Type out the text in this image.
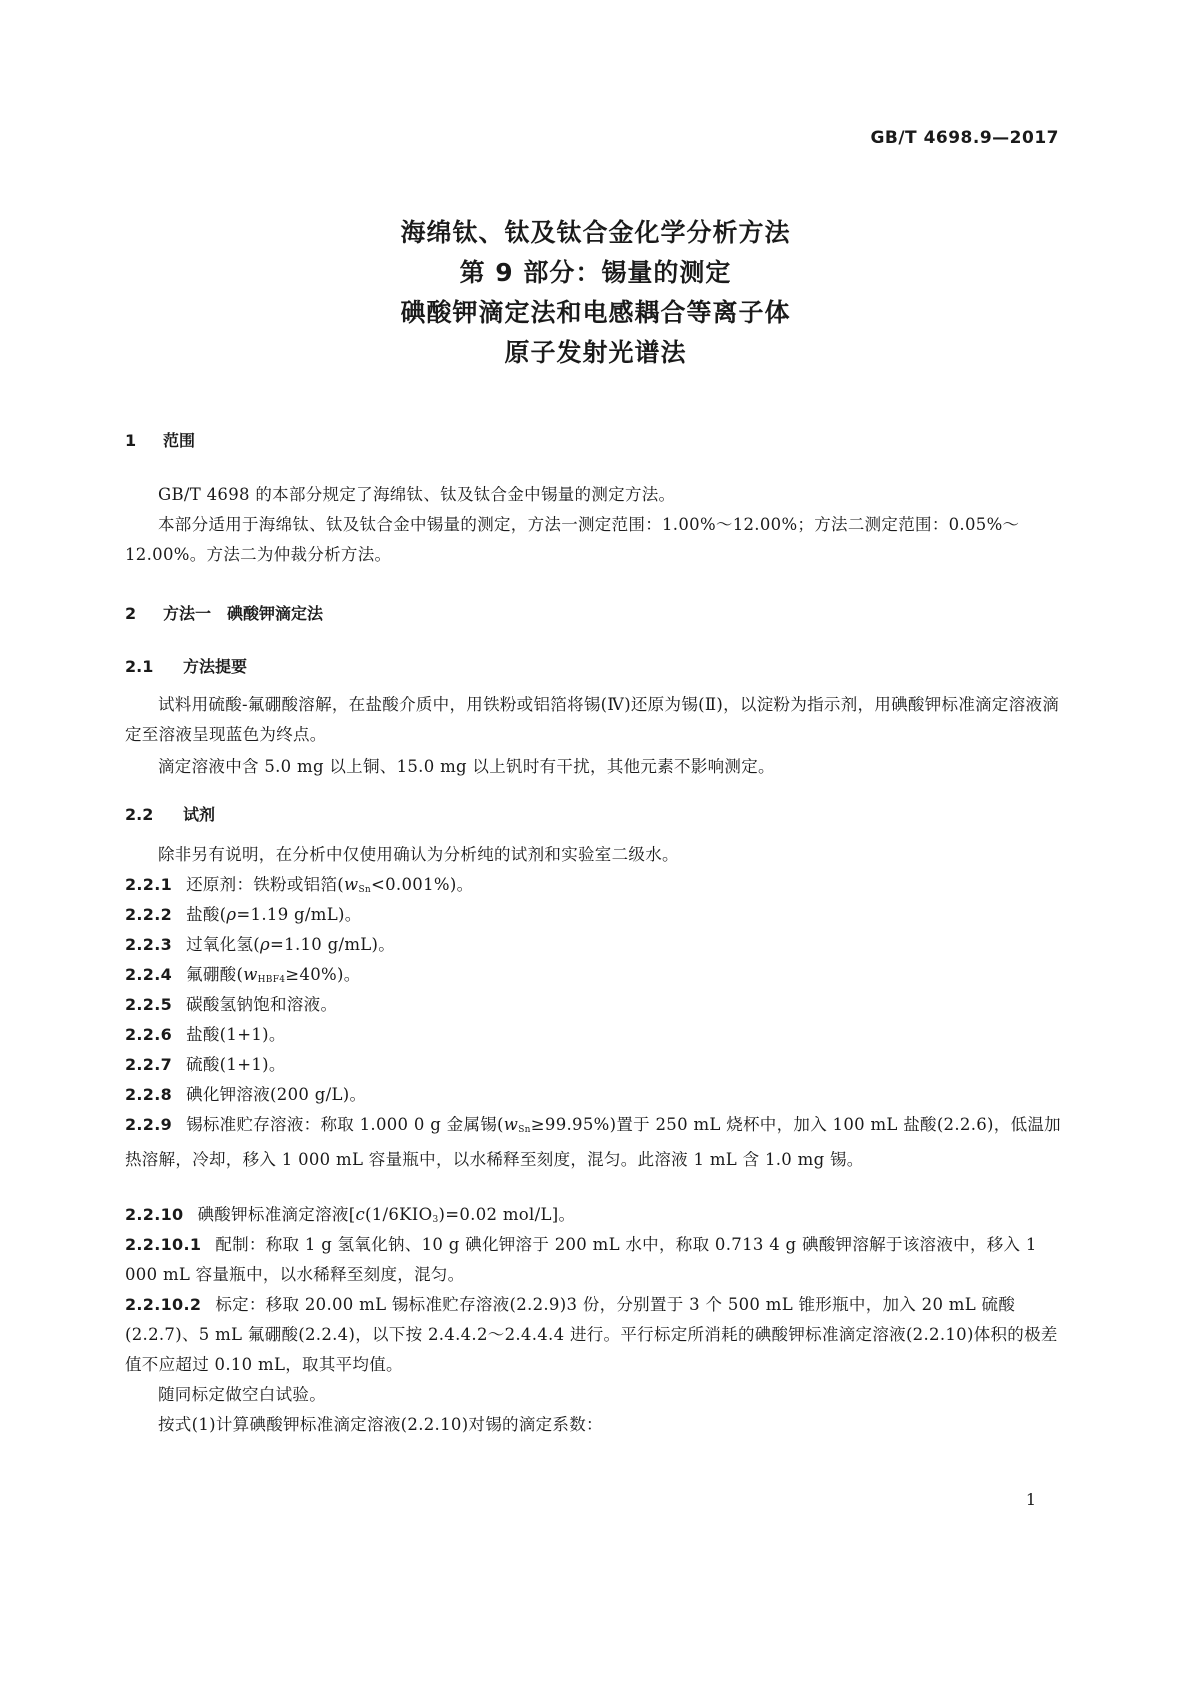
GB/T 4698.9—2017
海绵钛、钛及钛合金化学分析方法
第 9 部分：锡量的测定
碘酸钾滴定法和电感耦合等离子体
原子发射光谱法
1 范围
GB/T 4698 的本部分规定了海绵钛、钛及钛合金中锡量的测定方法。
本部分适用于海绵钛、钛及钛合金中锡量的测定，方法一测定范围：1.00%～12.00%；方法二测定范围：0.05%～12.00%。方法二为仲裁分析方法。
2 方法一　碘酸钾滴定法
2.1 方法提要
试料用硫酸-氟硼酸溶解，在盐酸介质中，用铁粉或铝箔将锡(Ⅳ)还原为锡(Ⅱ)，以淀粉为指示剂，用碘酸钾标准滴定溶液滴定至溶液呈现蓝色为终点。
滴定溶液中含 5.0 mg 以上铜、15.0 mg 以上钒时有干扰，其他元素不影响测定。
2.2 试剂
除非另有说明，在分析中仅使用确认为分析纯的试剂和实验室二级水。
2.2.1 还原剂：铁粉或铝箔$(w_{Sn}<0.001\%)$。
2.2.2 盐酸(ρ=1.19 g/mL)。
2.2.3 过氧化氢(ρ=1.10 g/mL)。
2.2.4 氟硼酸$(w_{HBF4}\ge 40\%)$。
2.2.5 碳酸氢钠饱和溶液。
2.2.6 盐酸(1+1)。
2.2.7 硫酸(1+1)。
2.2.8 碘化钾溶液(200 g/L)。
2.2.9 锡标准贮存溶液：称取 1.000 0 g 金属锡$(w_{Sn}\ge 99.95\%)$置于 250 mL 烧杯中，加入 100 mL 盐酸(2.2.6)，低温加热溶解，冷却，移入 1 000 mL 容量瓶中，以水稀释至刻度，混匀。此溶液 1 mL 含 1.0 mg 锡。
2.2.10 碘酸钾标准滴定溶液[$c(1/6KIO_3)=0.02$ mol/L]。
2.2.10.1 配制：称取 1 g 氢氧化钠、10 g 碘化钾溶于 200 mL 水中，称取 0.713 4 g 碘酸钾溶解于该溶液中，移入 1 000 mL 容量瓶中，以水稀释至刻度，混匀。
2.2.10.2 标定：移取 20.00 mL 锡标准贮存溶液(2.2.9)3 份，分别置于 3 个 500 mL 锥形瓶中，加入 20 mL 硫酸(2.2.7)、5 mL 氟硼酸(2.2.4)，以下按 2.4.4.2～2.4.4.4 进行。平行标定所消耗的碘酸钾标准滴定溶液(2.2.10)体积的极差值不应超过 0.10 mL，取其平均值。
随同标定做空白试验。
按式(1)计算碘酸钾标准滴定溶液(2.2.10)对锡的滴定系数：
1
